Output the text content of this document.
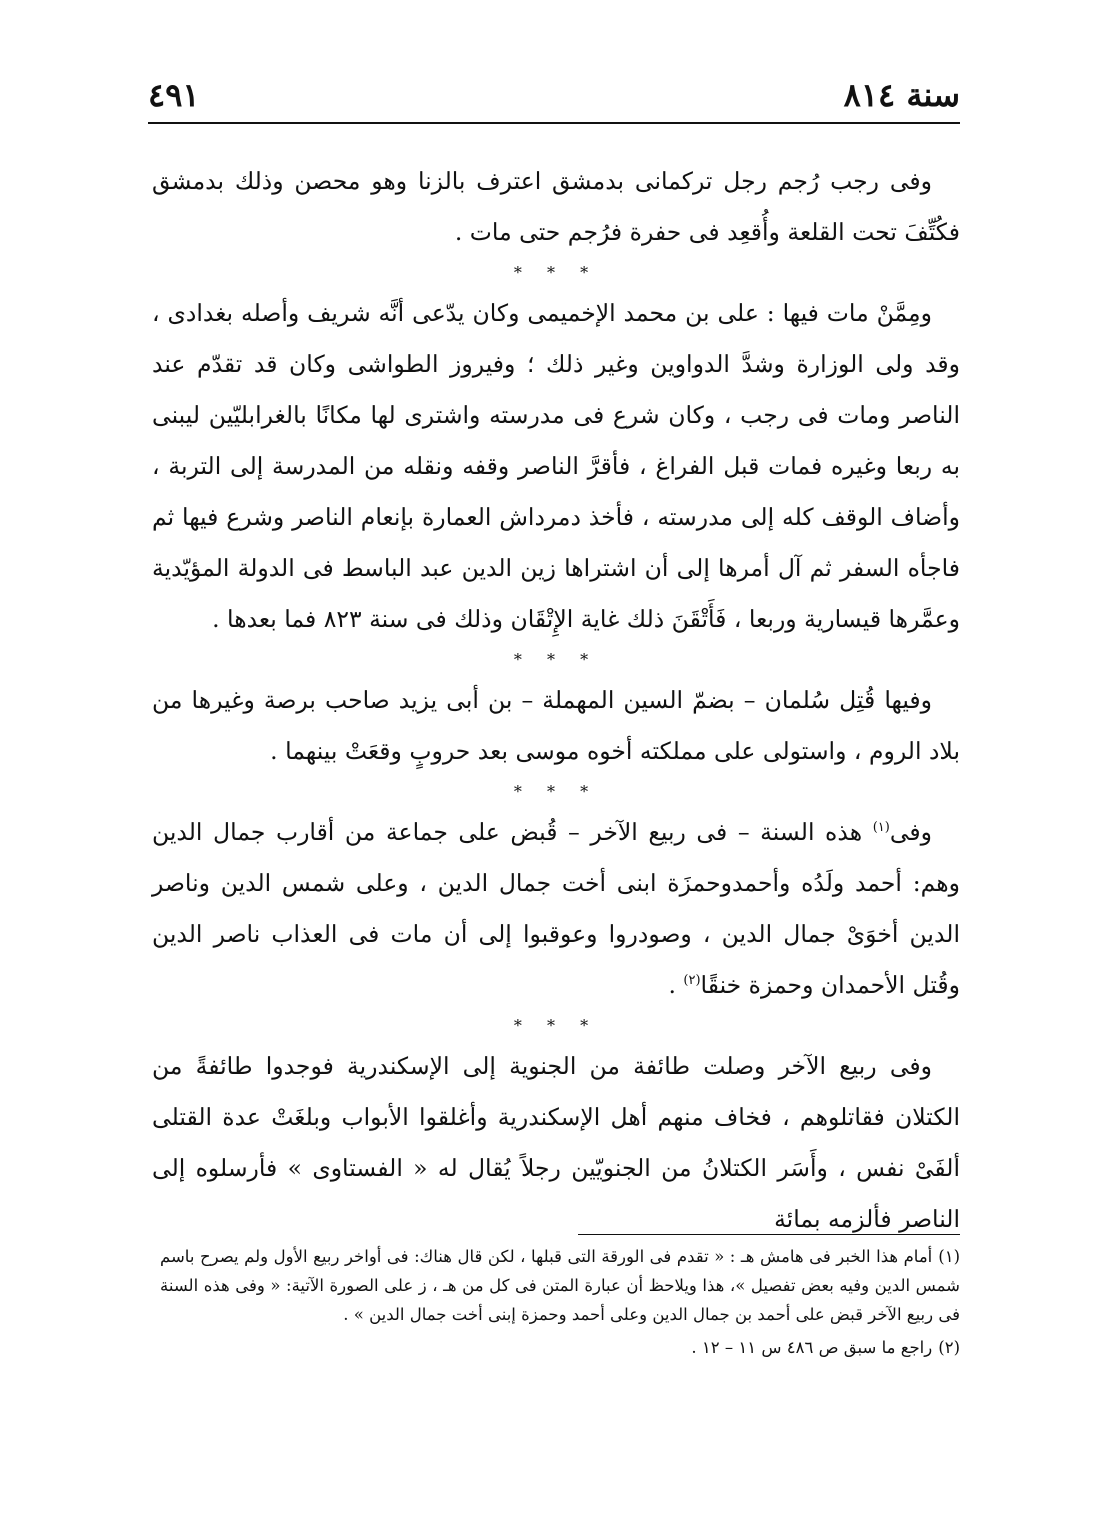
سنة ٨١٤
٤٩١

وفى رجب رُجم رجل تركمانى بدمشق اعترف بالزنا وهو محصن وذلك بدمشق فكُتِّفَ تحت القلعة وأُقعِد فى حفرة فرُجم حتى مات .

* * *

ومِمَّنْ مات فيها : على بن محمد الإخميمى وكان يدّعى أنَّه شريف وأصله بغدادى ، وقد ولى الوزارة وشدَّ الدواوين وغير ذلك ؛ وفيروز الطواشى وكان قد تقدّم عند الناصر ومات فى رجب ، وكان شرع فى مدرسته واشترى لها مكانًا بالغرابليّين ليبنى به ربعا وغيره فمات قبل الفراغ ، فأقرَّ الناصر وقفه ونقله من المدرسة إلى التربة ، وأضاف الوقف كله إلى مدرسته ، فأخذ دمرداش العمارة بإنعام الناصر وشرع فيها ثم فاجأه السفر ثم آل أمرها إلى أن اشتراها زين الدين عبد الباسط فى الدولة المؤيّدية وعمَّرها قيسارية وربعا ، فَأَتْقَنَ ذلك غاية الإِتْقَان وذلك فى سنة ٨٢٣ فما بعدها .

* * *

وفيها قُتِل سُلمان – بضمّ السين المهملة – بن أبى يزيد صاحب برصة وغيرها من بلاد الروم ، واستولى على مملكته أخوه موسى بعد حروبٍ وقعَتْ بينهما .

* * *

وفى$^{(١)}$ هذه السنة – فى ربيع الآخر – قُبض على جماعة من أقارب جمال الدين وهم: أحمد ولَدُه وأحمدوحمزَة ابنى أخت جمال الدين ، وعلى شمس الدين وناصر الدين أخوَىْ جمال الدين ، وصودروا وعوقبوا إلى أن مات فى العذاب ناصر الدين وقُتل الأحمدان وحمزة خنقًا$^{(٢)}$ .

* * *

وفى ربيع الآخر وصلت طائفة من الجنوية إلى الإسكندرية فوجدوا طائفةً من الكتلان فقاتلوهم ، فخاف منهم أهل الإسكندرية وأغلقوا الأبواب وبلغَتْ عدة القتلى ألفَىْ نفس ، وأَسَر الكتلانُ من الجنويّين رجلاً يُقال له « الفستاوى » فأرسلوه إلى الناصر فألزمه بمائة

(١)أمام هذا الخبر فى هامش هـ : « تقدم فى الورقة التى قبلها ، لكن قال هناك: فى أواخر ربيع الأول ولم يصرح باسم شمس الدين وفيه بعض تفصيل »، هذا ويلاحظ أن عبارة المتن فى كل من هـ ، ز على الصورة الآتية: « وفى هذه السنة فى ربيع الآخر قبض على أحمد بن جمال الدين وعلى أحمد وحمزة إبنى أخت جمال الدين » .

(٢)راجع ما سبق ص ٤٨٦ س ١١ – ١٢ .
